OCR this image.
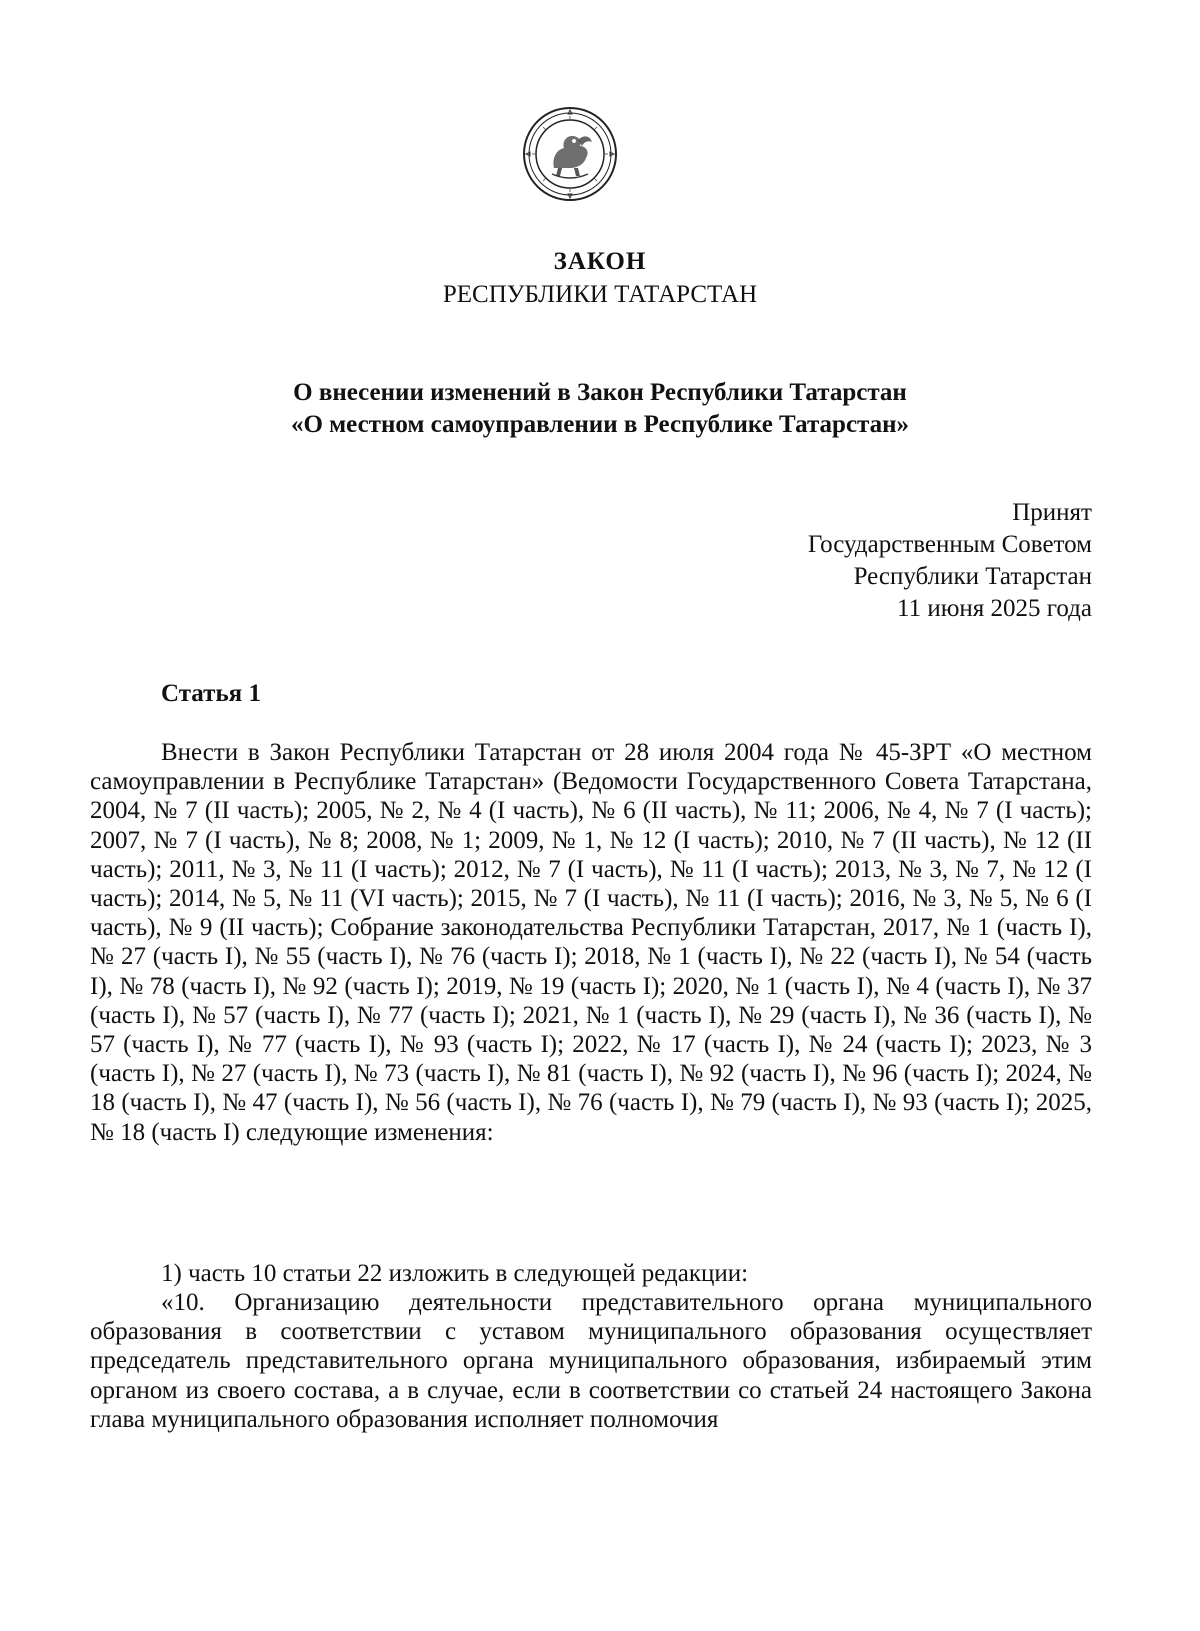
ЗАКОН
РЕСПУБЛИКИ ТАТАРСТАН
О внесении изменений в Закон Республики Татарстан
«О местном самоуправлении в Республике Татарстан»
Принят
Государственным Советом
Республики Татарстан
11 июня 2025 года
Статья 1

Внести в Закон Республики Татарстан от 28 июля 2004 года № 45-ЗРТ «О местном самоуправлении в Республике Татарстан» (Ведомости Государственного Совета Татарстана, 2004, № 7 (II часть); 2005, № 2, № 4 (I часть), № 6 (II часть), № 11; 2006, № 4, № 7 (I часть); 2007, № 7 (I часть), № 8; 2008, № 1; 2009, № 1, № 12 (I часть); 2010, № 7 (II часть), № 12 (II часть); 2011, № 3, № 11 (I часть); 2012, № 7 (I часть), № 11 (I часть); 2013, № 3, № 7, № 12 (I часть); 2014, № 5, № 11 (VI часть); 2015, № 7 (I часть), № 11 (I часть); 2016, № 3, № 5, № 6 (I часть), № 9 (II часть); Собрание законодательства Республики Татарстан, 2017, № 1 (часть I), № 27 (часть I), № 55 (часть I), № 76 (часть I); 2018, № 1 (часть I), № 22 (часть I), № 54 (часть I), № 78 (часть I), № 92 (часть I); 2019, № 19 (часть I); 2020, № 1 (часть I), № 4 (часть I), № 37 (часть I), № 57 (часть I), № 77 (часть I); 2021, № 1 (часть I), № 29 (часть I), № 36 (часть I), № 57 (часть I), № 77 (часть I), № 93 (часть I); 2022, № 17 (часть I), № 24 (часть I); 2023, № 3 (часть I), № 27 (часть I), № 73 (часть I), № 81 (часть I), № 92 (часть I), № 96 (часть I); 2024, № 18 (часть I), № 47 (часть I), № 56 (часть I), № 76 (часть I), № 79 (часть I), № 93 (часть I); 2025, № 18 (часть I) следующие изменения:

1) часть 10 статьи 22 изложить в следующей редакции:

«10. Организацию деятельности представительного органа муниципального образования в соответствии с уставом муниципального образования осуществляет председатель представительного органа муниципального образования, избираемый этим органом из своего состава, а в случае, если в соответствии со статьей 24 настоящего Закона глава муниципального образования исполняет полномочия
